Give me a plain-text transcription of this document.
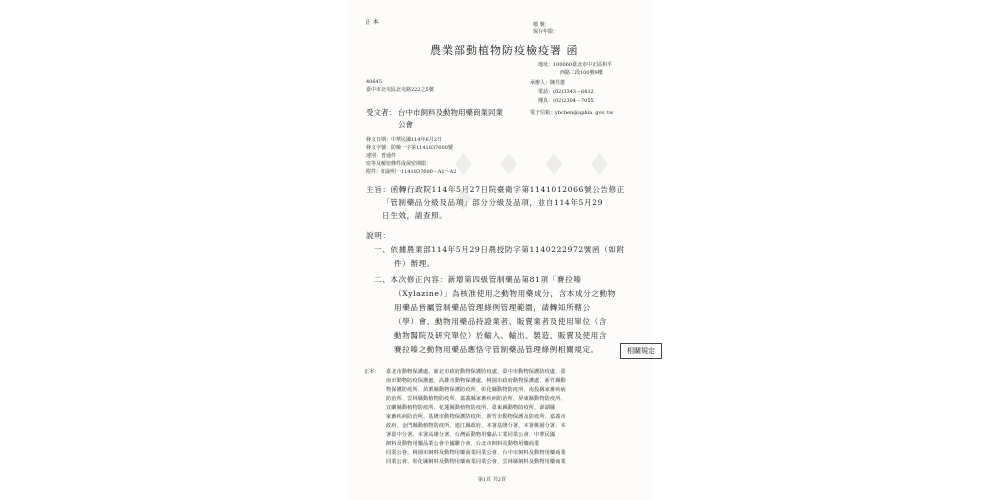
♦ ♦ ♦ ♦ ♦
正 本	檔 號：
保存年限：
農業部動植物防疫檢疫署 函
地址：100060臺北市中正區和平
西路二段100號9樓
承辦人：陳昱蕙
電話：(02)3343－6432
傳真：(02)2304－7055
40645
臺中市北屯區北屯路222之5號
受文者： 台中市飼料及動物用藥商業同業
公會
電子信箱：ybchen@aphia. gov. tw
發文日期：中華民國114年6月2日
發文字號：防檢一字第1141837600號
速別：普通件
密等及解密條件或保密期限：
附件：如說明一1141837600－A1～A2
主旨：函轉行政院114年5月27日院臺衛字第1141012066號公告修正
「管制藥品分級及品項」部分分級及品項，並自114年5月29
日生效，請查照。
說明：
一、依據農業部114年5月29日農授防字第1140222972號函（如附
件）辦理。
二、本次修正內容：新增第四級管制藥品第81項「賽拉嗪
（Xylazine）」為核准使用之動物用藥成分，含本成分之動物
用藥品皆屬管制藥品管理條例管理範圍，請轉知所轄公
（學）會、動物用藥品持證業者、販賣業者及使用單位（含
動物醫院及研究單位）於輸入、輸出、製造、販賣及使用含
賽拉嗪之動物用藥品應恪守管制藥品管理條例相關規定。
正本： 臺北市動物保護處、新北市政府動物保護防疫處、臺中市動物保護防疫處、臺
南市動物防疫保護處、高雄市動物保護處、桃園市政府動物保護處、新竹縣動
物保護防疫所、苗栗縣動物保護防疫所、彰化縣動物防疫所、南投縣家畜疾病
防治所、雲林縣動植物防疫所、嘉義縣家畜疾病防治所、屏東縣動物防疫所、
宜蘭縣動植物防疫所、花蓮縣動植物防疫所、臺東縣動物防疫所、澎湖縣
家畜疾病防治所、基隆市動物保護防疫所、新竹市動物保護及防疫所、嘉義市
政府、金門縣動植物防疫所、連江縣政府、本署基隆分署、本署桃園分署、本
署臺中分署、本署高雄分署、台灣區動物用藥品工業同業公會、中華民國
飼料及動物用藥品業公會全國聯合會、台北市飼料及動物用藥商業
同業公會、桃園市飼料及動物用藥商業同業公會、台中市飼料及動物用藥商業
同業公會、彰化縣飼料及動物用藥商業同業公會、雲林縣飼料及動物用藥商業
第1頁 共2頁
相關規定
